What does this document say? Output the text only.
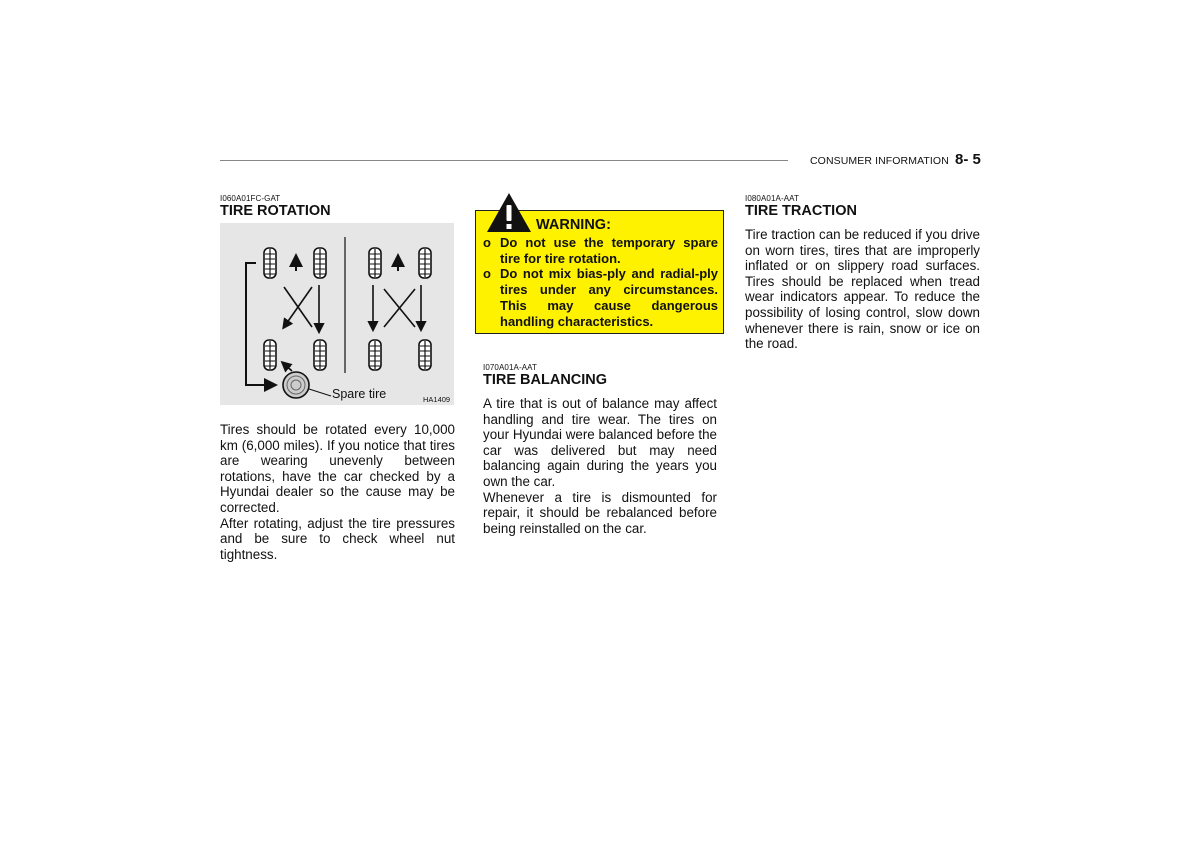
CONSUMER INFORMATION 8- 5
I060A01FC-GAT
TIRE ROTATION
Spare tire	HA1409

Tires should be rotated every 10,000 km (6,000 miles). If you notice that tires are wearing unevenly between rotations, have the car checked by a Hyundai dealer so the cause may be corrected.

After rotating, adjust the tire pressures and be sure to check wheel nut tightness.

WARNING:
o Do not use the temporary spare tire for tire rotation.
o Do not mix bias-ply and radial-ply tires under any circumstances. This may cause dangerous handling characteristics.
I070A01A-AAT
TIRE BALANCING

A tire that is out of balance may affect handling and tire wear. The tires on your Hyundai were balanced before the car was delivered but may need balancing again during the years you own the car.

Whenever a tire is dismounted for repair, it should be rebalanced before being reinstalled on the car.

I080A01A-AAT
TIRE TRACTION

Tire traction can be reduced if you drive on worn tires, tires that are improperly inflated or on slippery road surfaces. Tires should be replaced when tread wear indicators appear. To reduce the possibility of losing control, slow down whenever there is rain, snow or ice on the road.
